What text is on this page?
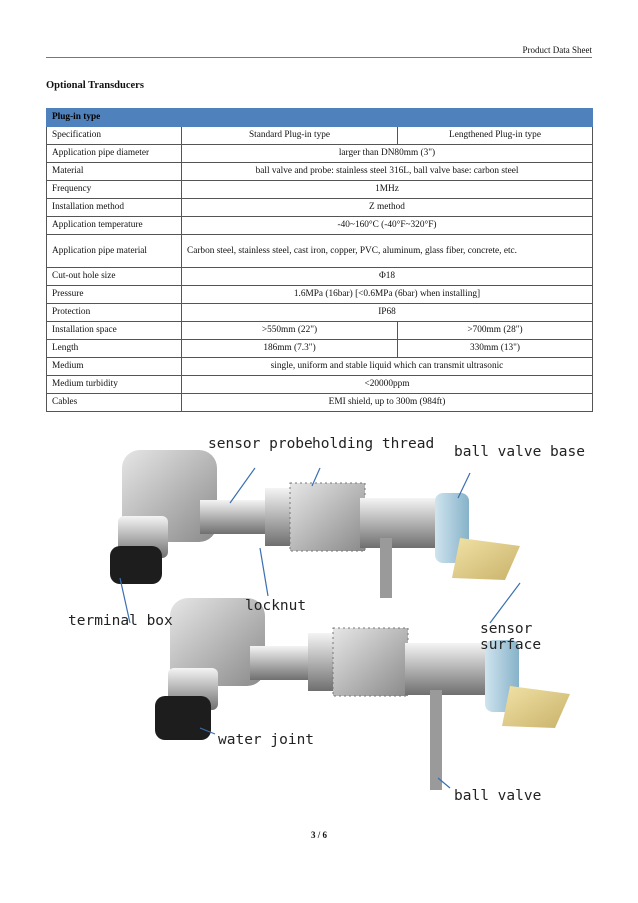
Product Data Sheet
Optional Transducers
Plug-in type		
Specification	Standard Plug-in type	Lengthened Plug-in type
Application pipe diameter	larger than DN80mm (3")	
Material	ball valve and probe: stainless steel 316L, ball valve base: carbon steel	
Frequency	1MHz	
Installation method	Z method	
Application temperature	-40~160°C (-40°F~320°F)	
Application pipe material	Carbon steel, stainless steel, cast iron, copper, PVC, aluminum, glass fiber, concrete, etc.	
Cut-out hole size	Φ18	
Pressure	1.6MPa (16bar) [<0.6MPa (6bar) when installing]	
Protection	IP68	
Installation space	>550mm (22")	>700mm (28")
Length	186mm (7.3")	330mm (13")
Medium	single, uniform and stable liquid which can transmit ultrasonic	
Medium turbidity	<20000ppm	
Cables	EMI shield, up to 300m (984ft)	
sensor probe holding thread ball valve base
locknut
terminal box	sensor surface
water joint
ball valve
3 / 6
